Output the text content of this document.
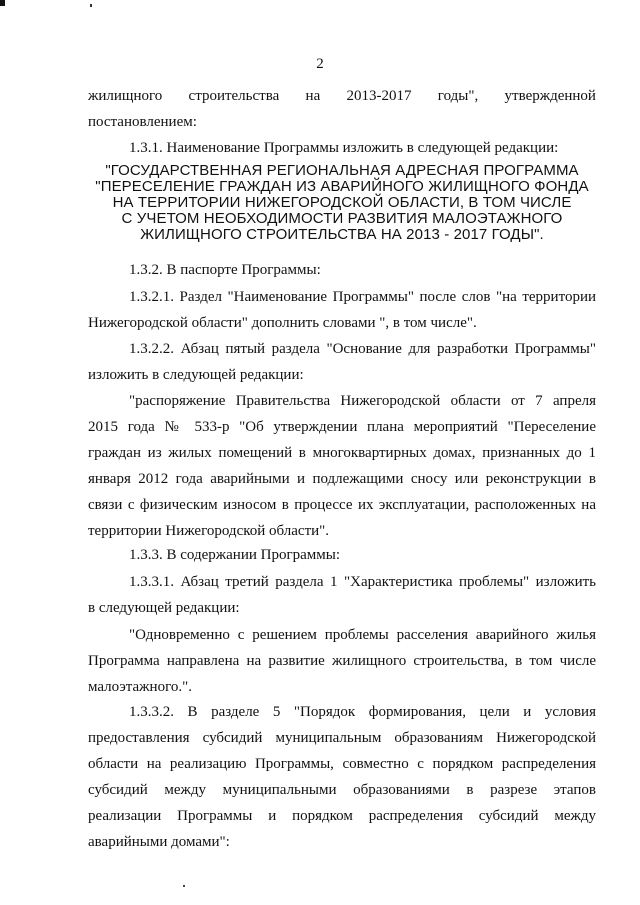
2
жилищного строительства на 2013-2017 годы", утвержденной
постановлением:
1.3.1. Наименование Программы изложить в следующей редакции:
"ГОСУДАРСТВЕННАЯ РЕГИОНАЛЬНАЯ АДРЕСНАЯ ПРОГРАММА
"ПЕРЕСЕЛЕНИЕ ГРАЖДАН ИЗ АВАРИЙНОГО ЖИЛИЩНОГО ФОНДА
НА ТЕРРИТОРИИ НИЖЕГОРОДСКОЙ ОБЛАСТИ, В ТОМ ЧИСЛЕ
С УЧЕТОМ НЕОБХОДИМОСТИ РАЗВИТИЯ МАЛОЭТАЖНОГО
ЖИЛИЩНОГО СТРОИТЕЛЬСТВА НА 2013 - 2017 ГОДЫ".
1.3.2. В паспорте Программы:
1.3.2.1. Раздел "Наименование Программы" после слов "на территории
Нижегородской области" дополнить словами ", в том числе".
1.3.2.2. Абзац пятый раздела "Основание для разработки Программы"
изложить в следующей редакции:
"распоряжение Правительства Нижегородской области от 7 апреля
2015 года № 533-р "Об утверждении плана мероприятий "Переселение
граждан из жилых помещений в многоквартирных домах, признанных до 1
января 2012 года аварийными и подлежащими сносу или реконструкции в
связи с физическим износом в процессе их эксплуатации, расположенных на
территории Нижегородской области".
1.3.3. В содержании Программы:
1.3.3.1. Абзац третий раздела 1 "Характеристика проблемы" изложить
в следующей редакции:
"Одновременно с решением проблемы расселения аварийного жилья
Программа направлена на развитие жилищного строительства, в том числе
малоэтажного.".
1.3.3.2. В разделе 5 "Порядок формирования, цели и условия
предоставления субсидий муниципальным образованиям Нижегородской
области на реализацию Программы, совместно с порядком распределения
субсидий между муниципальными образованиями в разрезе этапов
реализации Программы и порядком распределения субсидий между
аварийными домами":
